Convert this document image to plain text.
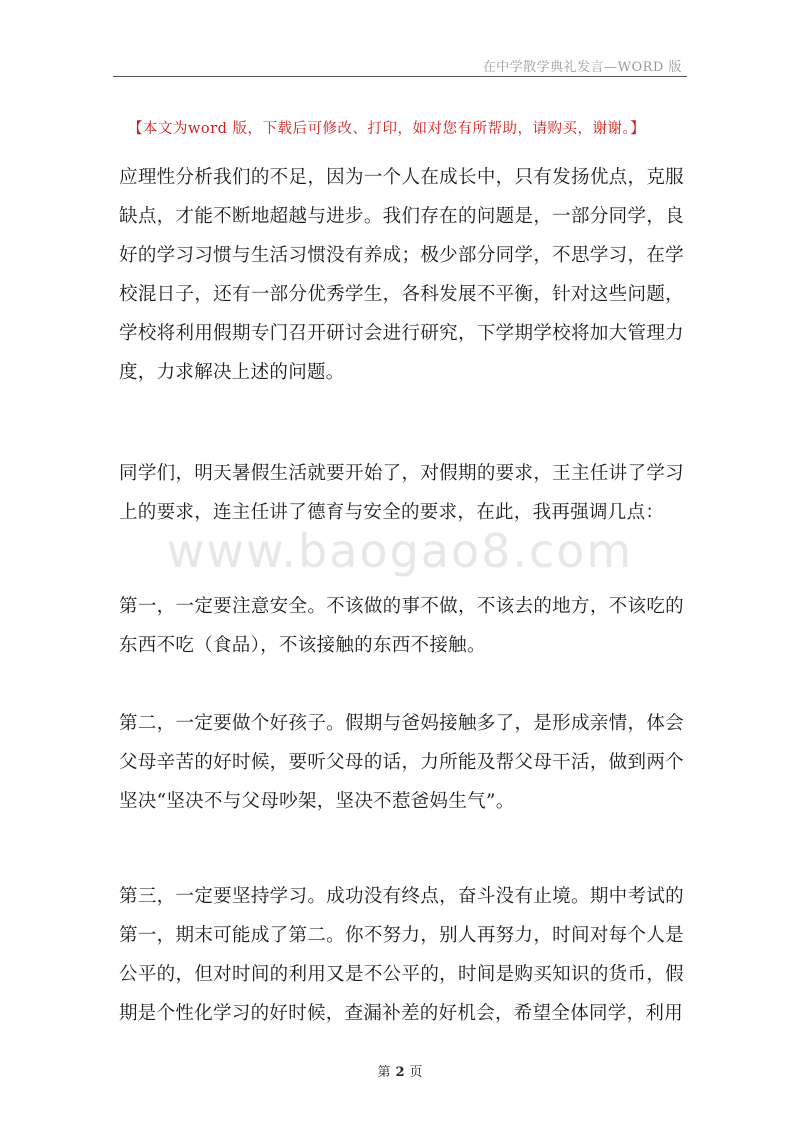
在中学散学典礼发言—WORD 版
【本文为word 版，下载后可修改、打印，如对您有所帮助，请购买，谢谢。】
应理性分析我们的不足，因为一个人在成长中，只有发扬优点，克服缺点，才能不断地超越与进步。我们存在的问题是，一部分同学，良好的学习习惯与生活习惯没有养成；极少部分同学，不思学习，在学校混日子，还有一部分优秀学生，各科发展不平衡，针对这些问题，学校将利用假期专门召开研讨会进行研究，下学期学校将加大管理力度，力求解决上述的问题。
同学们，明天暑假生活就要开始了，对假期的要求，王主任讲了学习上的要求，连主任讲了德育与安全的要求，在此，我再强调几点：
www.baogao8.com
第一，一定要注意安全。不该做的事不做，不该去的地方，不该吃的东西不吃（食品），不该接触的东西不接触。
第二，一定要做个好孩子。假期与爸妈接触多了，是形成亲情，体会父母辛苦的好时候，要听父母的话，力所能及帮父母干活，做到两个坚决“坚决不与父母吵架，坚决不惹爸妈生气”。
第三，一定要坚持学习。成功没有终点，奋斗没有止境。期中考试的第一，期末可能成了第二。你不努力，别人再努力，时间对每个人是公平的，但对时间的利用又是不公平的，时间是购买知识的货币，假期是个性化学习的好时候，查漏补差的好机会，希望全体同学，利用
第 2 页
